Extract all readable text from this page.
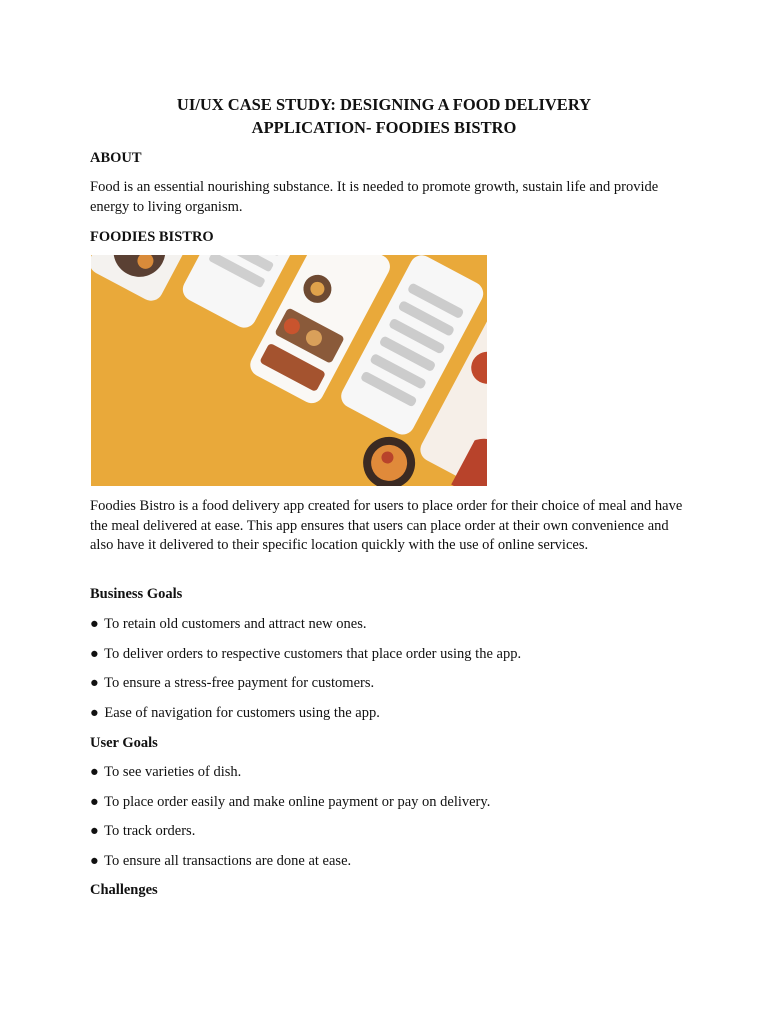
UI/UX CASE STUDY: DESIGNING A FOOD DELIVERY
APPLICATION- FOODIES BISTRO
ABOUT
Food is an essential nourishing substance. It is needed to promote growth, sustain life and provide energy to living organism.
FOODIES BISTRO
Foodies Bistro is a food delivery app created for users to place order for their choice of meal and have the meal delivered at ease. This app ensures that users can place order at their own convenience and also have it delivered to their specific location quickly with the use of online services.
Business Goals
● To retain old customers and attract new ones.
● To deliver orders to respective customers that place order using the app.
● To ensure a stress-free payment for customers.
● Ease of navigation for customers using the app.
User Goals
● To see varieties of dish.
● To place order easily and make online payment or pay on delivery.
● To track orders.
● To ensure all transactions are done at ease.
Challenges
